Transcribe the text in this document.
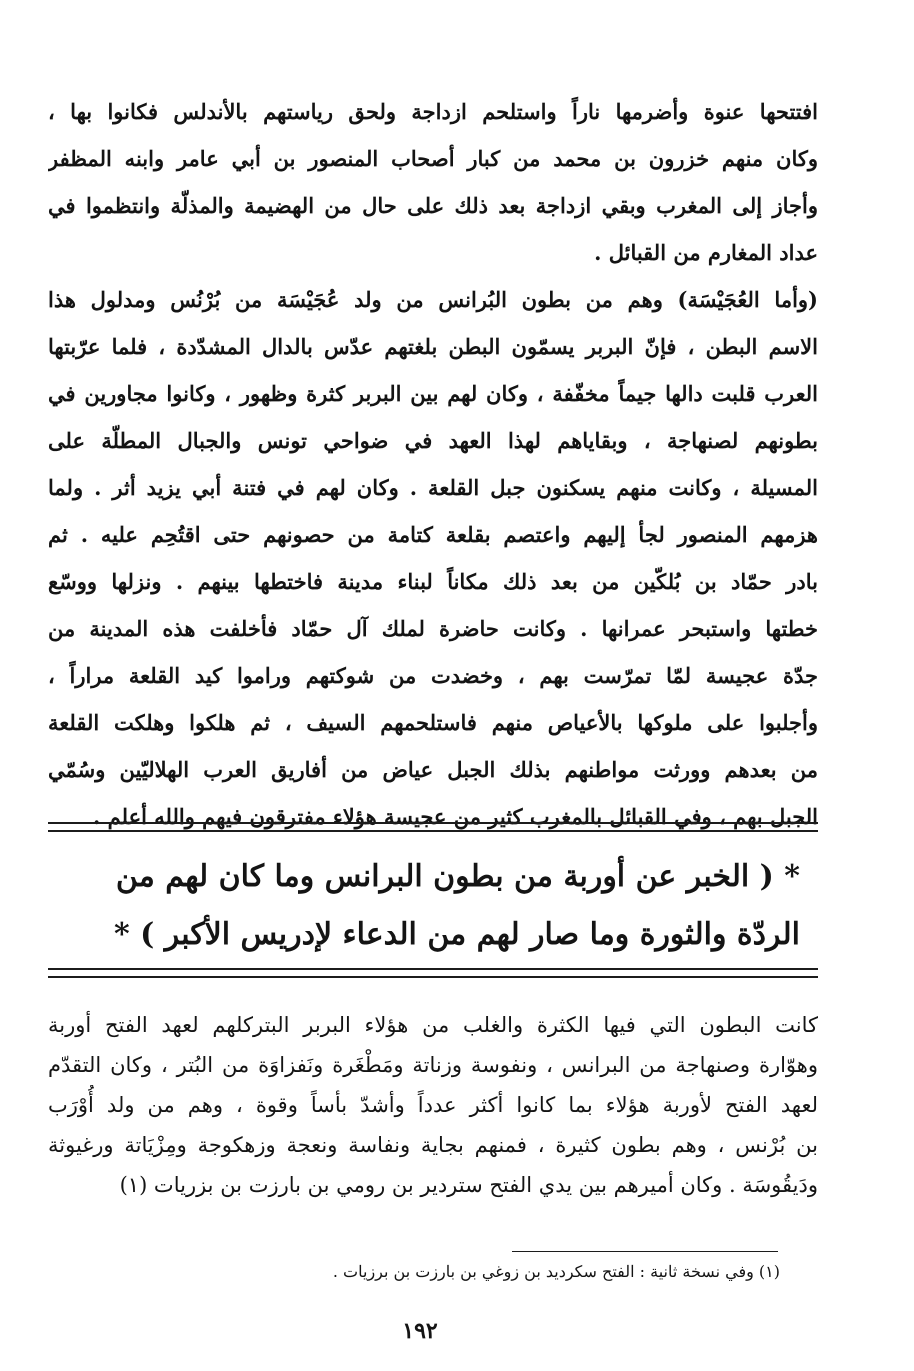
افتتحها عنوة وأضرمها ناراً واستلحم ازداجة ولحق رياستهم بالأندلس فكانوا بها ،
وكان منهم خزرون بن محمد من كبار أصحاب المنصور بن أبي عامر وابنه المظفر
وأجاز إلى المغرب وبقي ازداجة بعد ذلك على حال من الهضيمة والمذلّة وانتظموا في
عداد المغارم من القبائل .
(وأما العُجَيْسَة) وهم من بطون البُرانس من ولد عُجَيْسَة من بُرْنُس ومدلول هذا
الاسم البطن ، فإنّ البربر يسمّون البطن بلغتهم عدّس بالدال المشدّدة ، فلما عرّبتها
العرب قلبت دالها جيماً مخفّفة ، وكان لهم بين البربر كثرة وظهور ، وكانوا مجاورين في
بطونهم لصنهاجة ، وبقاياهم لهذا العهد في ضواحي تونس والجبال المطلّة على
المسيلة ، وكانت منهم يسكنون جبل القلعة . وكان لهم في فتنة أبي يزيد أثر . ولما
هزمهم المنصور لجأ إليهم واعتصم بقلعة كتامة من حصونهم حتى اقتُحِم عليه . ثم
بادر حمّاد بن بُلكّين من بعد ذلك مكاناً لبناء مدينة فاختطها بينهم . ونزلها ووسّع
خطتها واستبحر عمرانها . وكانت حاضرة لملك آل حمّاد فأخلفت هذه المدينة من
جدّة عجيسة لمّا تمرّست بهم ، وخضدت من شوكتهم وراموا كيد القلعة مراراً ،
وأجلبوا على ملوكها بالأعياص منهم فاستلحمهم السيف ، ثم هلكوا وهلكت القلعة
من بعدهم وورثت مواطنهم بذلك الجبل عياض من أفاريق العرب الهلاليّين وسُمّي
الجبل بهم ، وفي القبائل بالمغرب كثير من عجيسة هؤلاء مفترقون فيهم والله أعلم .
* ( الخبر عن أوربة من بطون البرانس وما كان لهم من
الردّة والثورة وما صار لهم من الدعاء لإدريس الأكبر ) *
كانت البطون التي فيها الكثرة والغلب من هؤلاء البربر البتركلهم لعهد الفتح أوربة
وهوّارة وصنهاجة من البرانس ، ونفوسة وزناتة ومَطْغَرة ونَفزاوَة من البُتر ، وكان التقدّم
لعهد الفتح لأوربة هؤلاء بما كانوا أكثر عدداً وأشدّ بأساً وقوة ، وهم من ولد أُوْرَب
بن بُرْنس ، وهم بطون كثيرة ، فمنهم بجاية ونفاسة ونعجة وزهكوجة ومِزْيَاتة ورغيوثة
ودَيقُوسَة . وكان أميرهم بين يدي الفتح ستردير بن رومي بن بارزت بن بزريات (١)
(١) وفي نسخة ثانية : الفتح سكرديد بن زوغي بن بارزت بن برزيات .
١٩٢
